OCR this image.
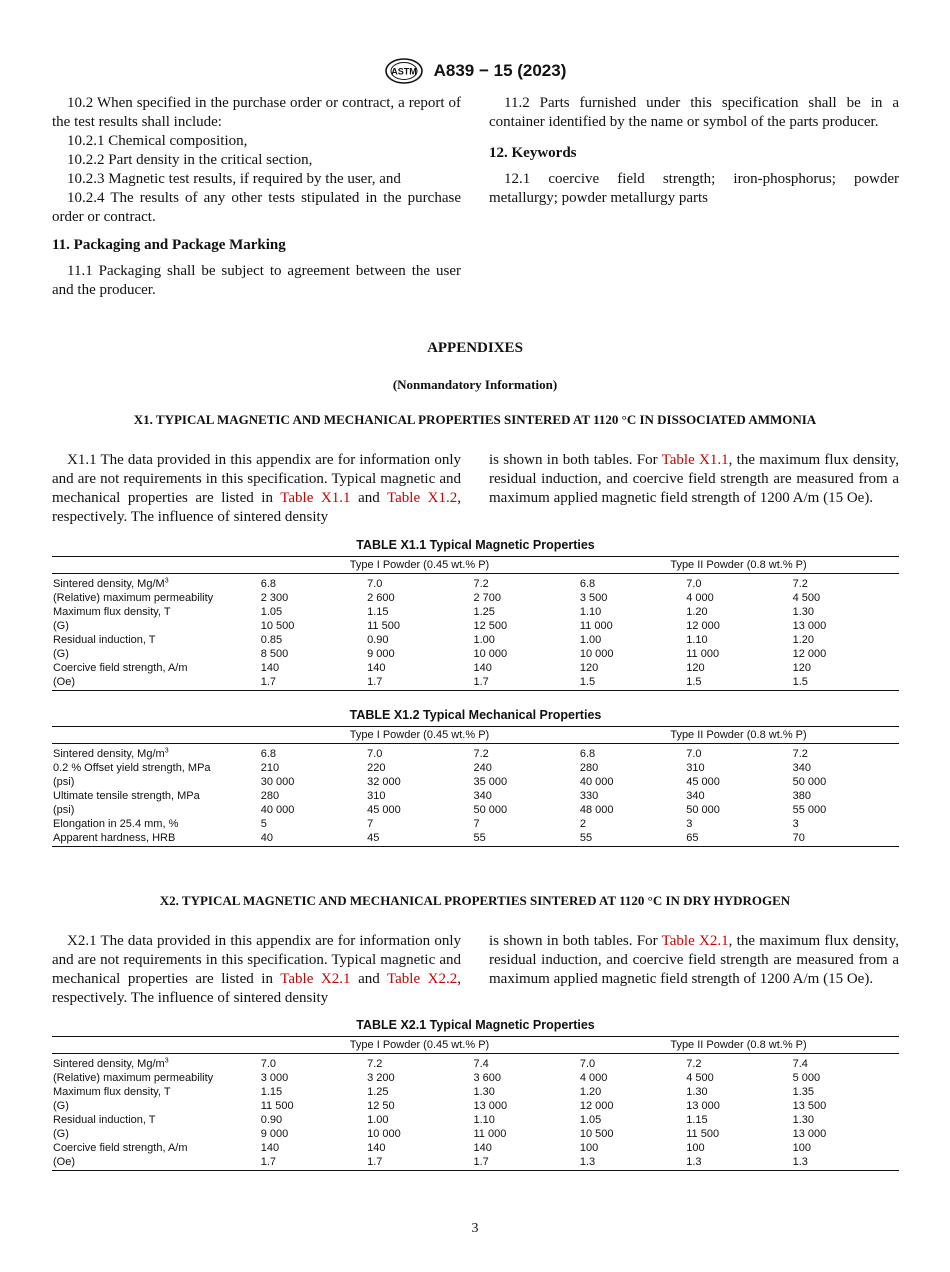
ASTM A839 − 15 (2023)

10.2 When specified in the purchase order or contract, a report of the test results shall include:

10.2.1 Chemical composition,

10.2.2 Part density in the critical section,

10.2.3 Magnetic test results, if required by the user, and

10.2.4 The results of any other tests stipulated in the purchase order or contract.

11. Packaging and Package Marking

11.1 Packaging shall be subject to agreement between the user and the producer.

11.2 Parts furnished under this specification shall be in a container identified by the name or symbol of the parts producer.

12. Keywords

12.1 coercive field strength; iron-phosphorus; powder metallurgy; powder metallurgy parts

APPENDIXES
(Nonmandatory Information)
X1. TYPICAL MAGNETIC AND MECHANICAL PROPERTIES SINTERED AT 1120 °C IN DISSOCIATED AMMONIA

X1.1 The data provided in this appendix are for information only and are not requirements in this specification. Typical magnetic and mechanical properties are listed in Table X1.1 and Table X1.2, respectively. The influence of sintered density

is shown in both tables. For Table X1.1, the maximum flux density, residual induction, and coercive field strength are measured from a maximum applied magnetic field strength of 1200 A/m (15 Oe).

TABLE X1.1 Typical Magnetic Properties
Type I Powder (0.45 wt.% P)	Type II Powder (0.8 wt.% P)
Sintered density, $Mg/M^3$	6.8	7.0	7.2	6.8	7.0	7.2
(Relative) maximum permeability	2 300	2 600	2 700	3 500	4 000	4 500
Maximum flux density, T	1.05	1.15	1.25	1.10	1.20	1.30
(G)	10 500	11 500	12 500	11 000	12 000	13 000
Residual induction, T	0.85	0.90	1.00	1.00	1.10	1.20
(G)	8 500	9 000	10 000	10 000	11 000	12 000
Coercive field strength, A/m	140	140	140	120	120	120
(Oe)	1.7	1.7	1.7	1.5	1.5	1.5
TABLE X1.2 Typical Mechanical Properties
Type I Powder (0.45 wt.% P)	Type II Powder (0.8 wt.% P)
Sintered density, $Mg/m^3$	6.8	7.0	7.2	6.8	7.0	7.2
0.2 % Offset yield strength, MPa	210	220	240	280	310	340
(psi)	30 000	32 000	35 000	40 000	45 000	50 000
Ultimate tensile strength, MPa	280	310	340	330	340	380
(psi)	40 000	45 000	50 000	48 000	50 000	55 000
Elongation in 25.4 mm, %	5	7	7	2	3	3
Apparent hardness, HRB	40	45	55	55	65	70
X2. TYPICAL MAGNETIC AND MECHANICAL PROPERTIES SINTERED AT 1120 °C IN DRY HYDROGEN

X2.1 The data provided in this appendix are for information only and are not requirements in this specification. Typical magnetic and mechanical properties are listed in Table X2.1 and Table X2.2, respectively. The influence of sintered density

is shown in both tables. For Table X2.1, the maximum flux density, residual induction, and coercive field strength are measured from a maximum applied magnetic field strength of 1200 A/m (15 Oe).

TABLE X2.1 Typical Magnetic Properties
Type I Powder (0.45 wt.% P)	Type II Powder (0.8 wt.% P)
Sintered density, $Mg/m^3$	7.0	7.2	7.4	7.0	7.2	7.4
(Relative) maximum permeability	3 000	3 200	3 600	4 000	4 500	5 000
Maximum flux density, T	1.15	1.25	1.30	1.20	1.30	1.35
(G)	11 500	12 50	13 000	12 000	13 000	13 500
Residual induction, T	0.90	1.00	1.10	1.05	1.15	1.30
(G)	9 000	10 000	11 000	10 500	11 500	13 000
Coercive field strength, A/m	140	140	140	100	100	100
(Oe)	1.7	1.7	1.7	1.3	1.3	1.3
3
